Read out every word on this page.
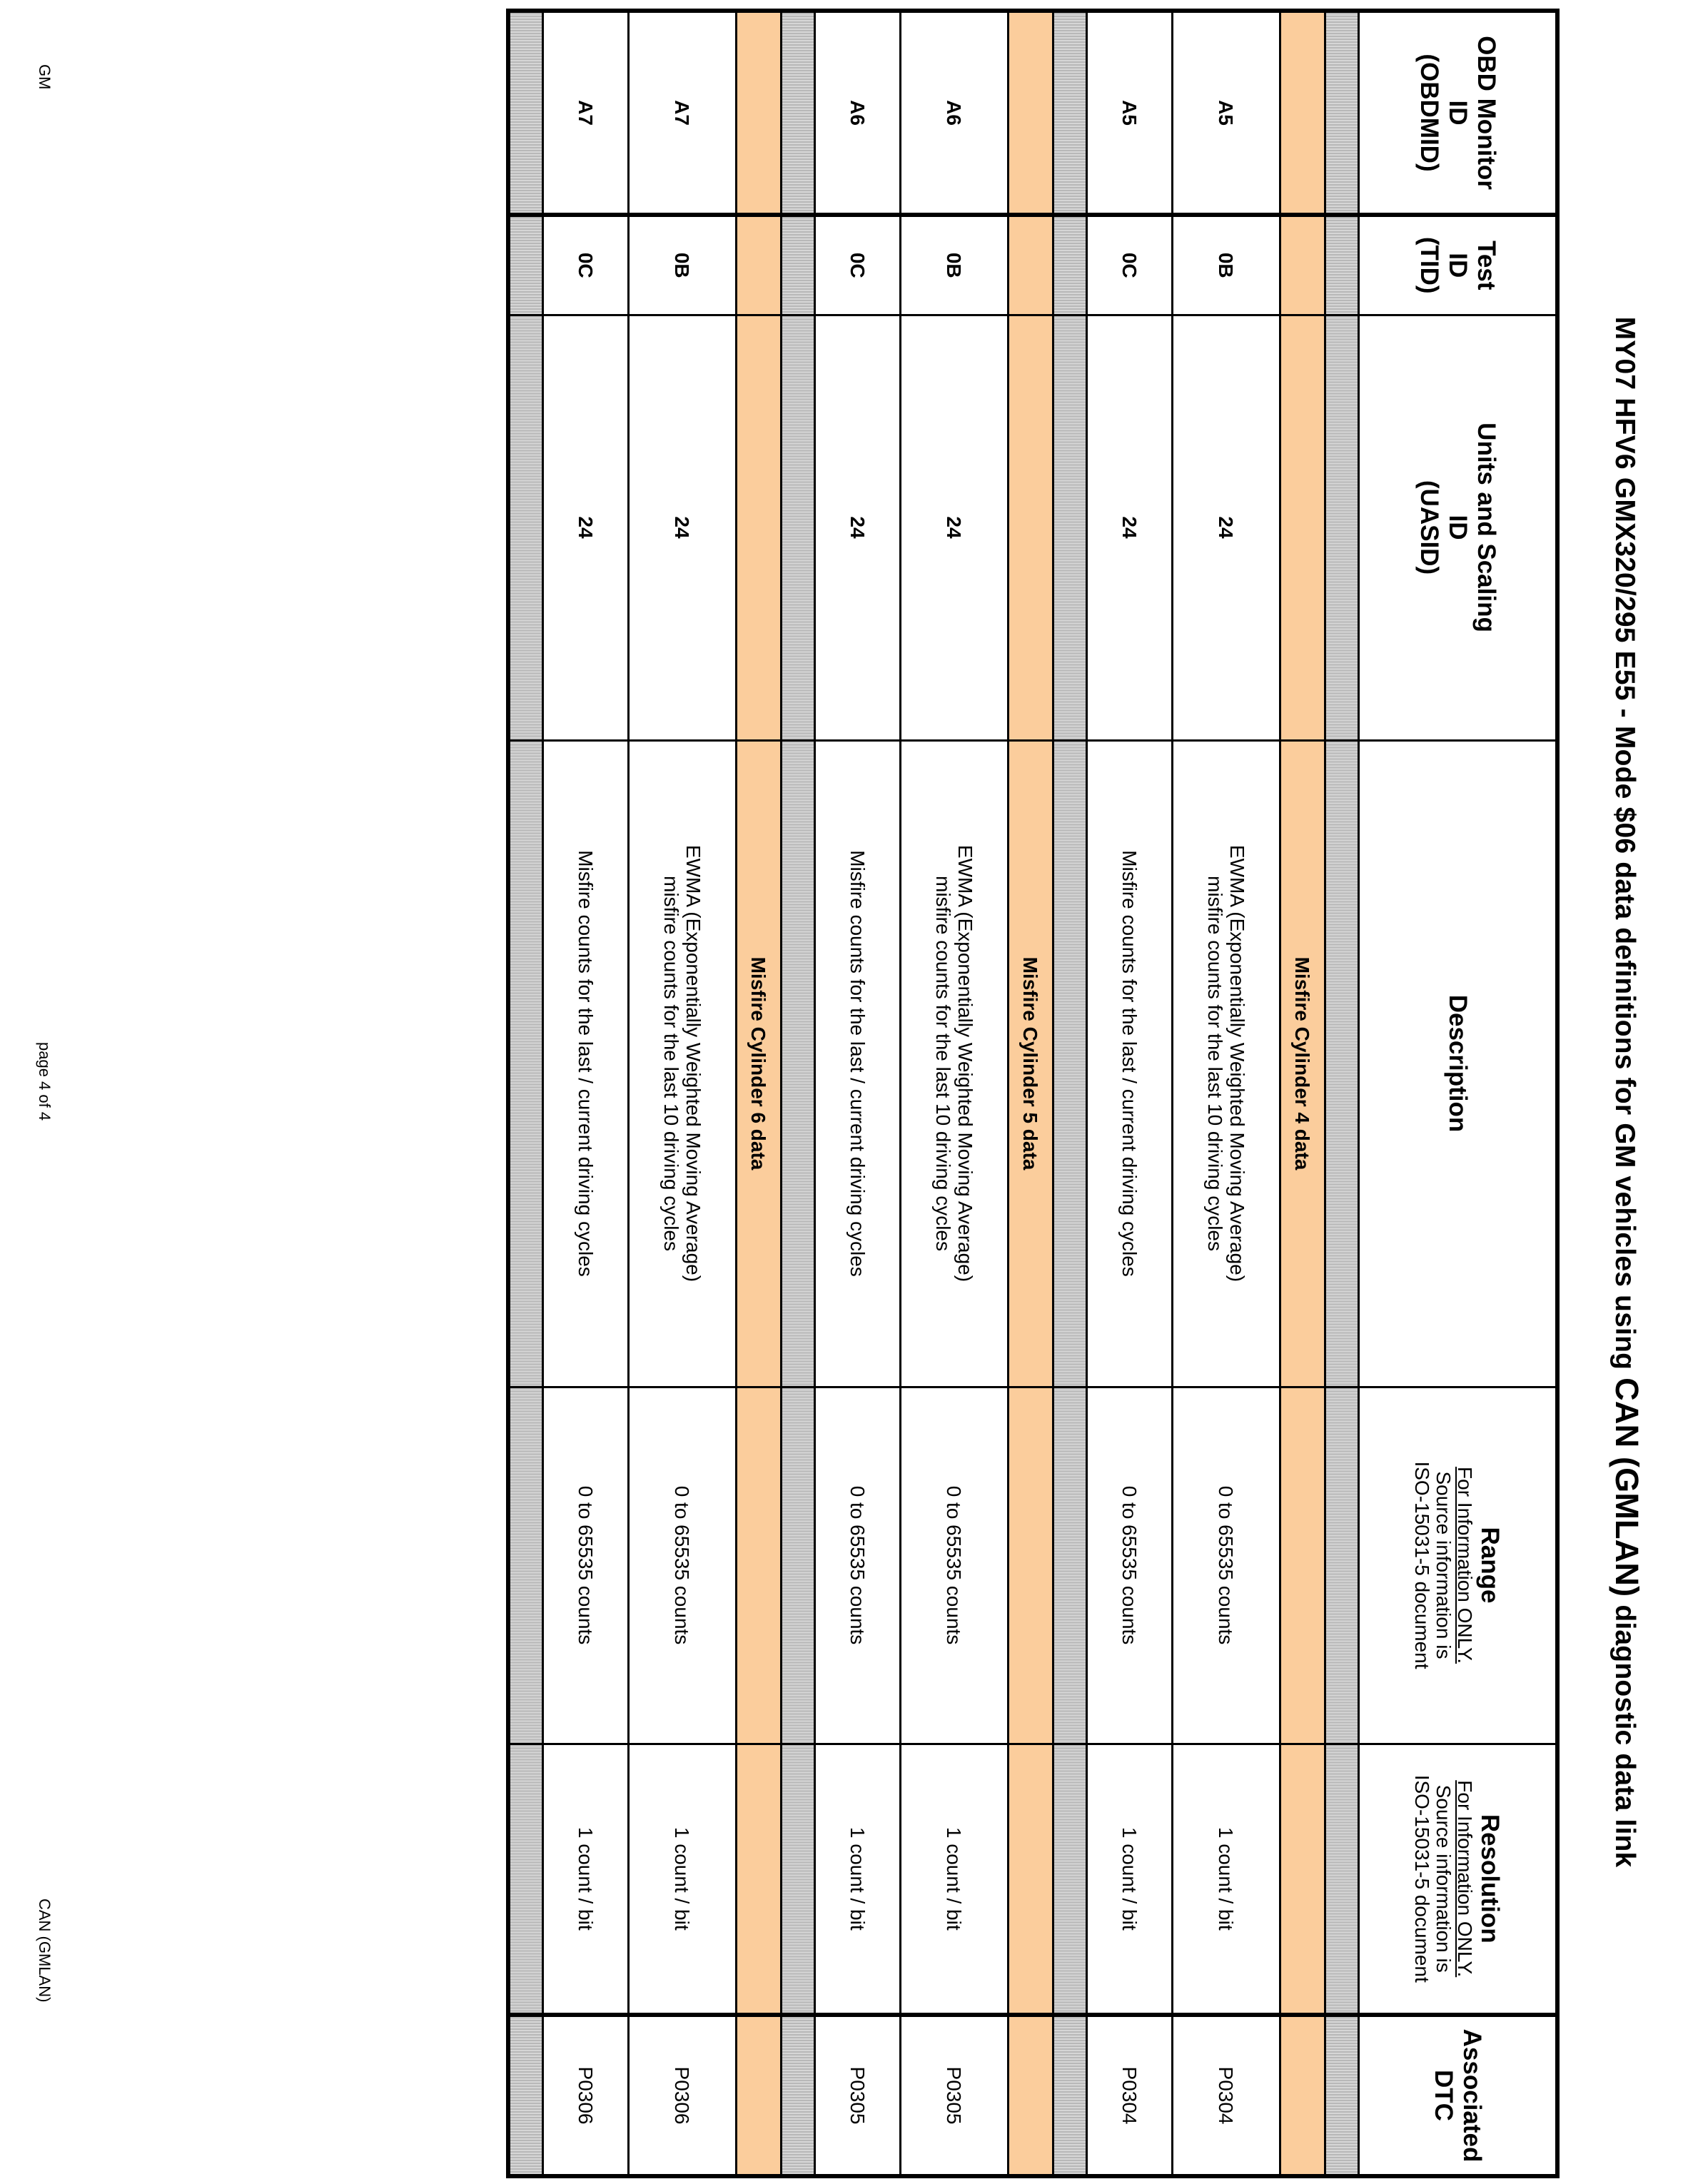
MY07 HFV6 GMX320/295 E55 - Mode $06 data definitions for GM vehicles using CAN (GMLAN) diagnostic data link
OBD Monitor
ID
(OBDMID)	Test
ID
(TID)	Units and Scaling
ID
(UASID)	Description	Range
For Information ONLY.
Source information is
ISO-15031-5 document	Resolution
For Information ONLY.
Source information is
ISO-15031-5 document	Associated
DTC

			Misfire Cylinder 4 data			
A5	0B	24	EWMA (Exponentially Weighted Moving Average)
misfire counts for the last 10 driving cycles	0 to 65535 counts	1 count / bit	P0304
A5	0C	24	Misfire counts for the last / current driving cycles	0 to 65535 counts	1 count / bit	P0304

			Misfire Cylinder 5 data			
A6	0B	24	EWMA (Exponentially Weighted Moving Average)
misfire counts for the last 10 driving cycles	0 to 65535 counts	1 count / bit	P0305
A6	0C	24	Misfire counts for the last / current driving cycles	0 to 65535 counts	1 count / bit	P0305

			Misfire Cylinder 6 data			
A7	0B	24	EWMA (Exponentially Weighted Moving Average)
misfire counts for the last 10 driving cycles	0 to 65535 counts	1 count / bit	P0306
A7	0C	24	Misfire counts for the last / current driving cycles	0 to 65535 counts	1 count / bit	P0306

GM
page 4 of 4
CAN (GMLAN)
